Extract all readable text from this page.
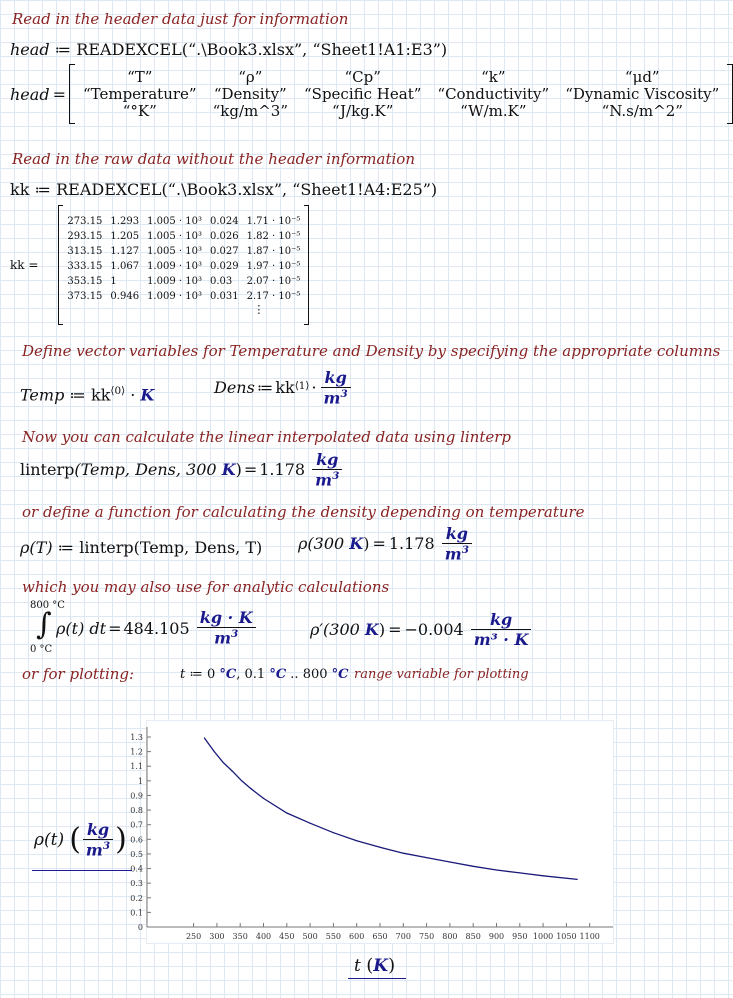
Read in the header data just for information
head ≔ READEXCEL(“.\Book3.xlsx”, “Sheet1!A1:E3”)
head =
“T”	“ρ”	“Cp”	“k”	“μd”
“Temperature”	“Density”	“Specific Heat”	“Conductivity”	“Dynamic Viscosity”
“°K”	“kg/m^3”	“J/kg.K”	“W/m.K”	“N.s/m^2”
Read in the raw data without the header information
kk ≔ READEXCEL(“.\Book3.xlsx”, “Sheet1!A4:E25”)
kk =
273.15	1.293	1.005 · 10³	0.024	1.71 · 10⁻⁵
293.15	1.205	1.005 · 10³	0.026	1.82 · 10⁻⁵
313.15	1.127	1.005 · 10³	0.027	1.87 · 10⁻⁵
333.15	1.067	1.009 · 10³	0.029	1.97 · 10⁻⁵
353.15	1	1.009 · 10³	0.03	2.07 · 10⁻⁵
373.15	0.946	1.009 · 10³	0.031	2.17 · 10⁻⁵
⋮
Define vector variables for Temperature and Density by specifying the appropriate columns
Temp ≔ $kk^{⟨0⟩} \cdot K$	Dens ≔ kk ⟨1⟩ · $\frac{kg}{m^3}$
Now you can calculate the linear interpolated data using linterp
linterp ( Temp, Dens, 300
K ) = 1.178
$\frac{kg}{m^3}$
or define a function for calculating the density depending on temperature
ρ(T) ≔ linterp(Temp, Dens, T) ρ(300
K ) = 1.178
$\frac{kg}{m^3}$
which you may also use for analytic calculations
800 °C
∫
0 °C
ρ(t) dt = 484.105
$\frac{kg \cdot K}{m^3}$	ρ′(300
K ) = −0.004
$\frac{kg}{\text{m³ · K}}$
or for plotting:	t ≔ 0 °C, 0.1 °C .. 800 °C range variable for plotting
0
0.1
0.2
0.3
0.4
0.5
0.6
0.7
0.8
0.9
1
1.1
1.2
1.3
250 300 350 400 450 500 550 600 650 700 750 800 850 900 950 1000 1050 1100
ρ(t)
( $\frac{kg}{m^3}$ )
t (K)
